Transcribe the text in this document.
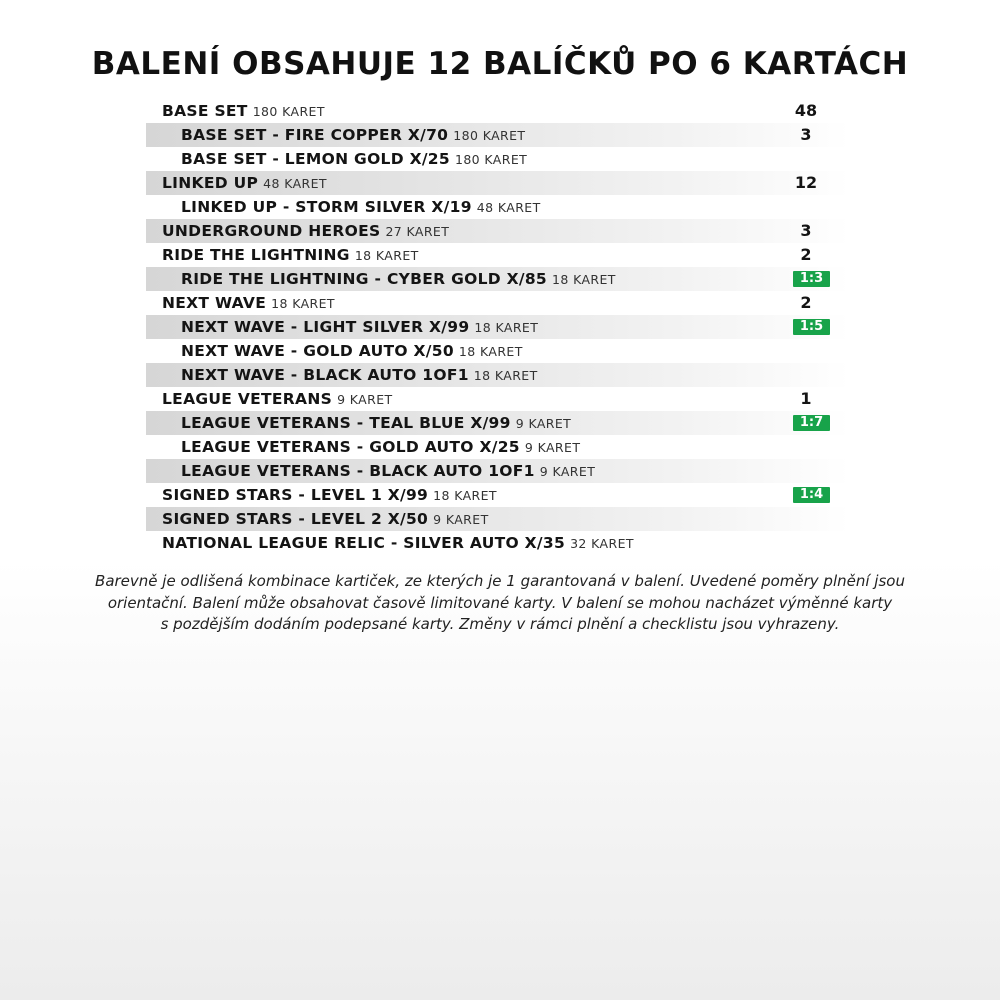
BALENÍ OBSAHUJE 12 BALÍČKŮ PO 6 KARTÁCH
BASE SET 180 KARET	48
BASE SET - FIRE COPPER X/70 180 KARET	3
BASE SET - LEMON GOLD X/25 180 KARET
LINKED UP 48 KARET	12
LINKED UP - STORM SILVER X/19 48 KARET
UNDERGROUND HEROES 27 KARET	3
RIDE THE LIGHTNING 18 KARET	2
RIDE THE LIGHTNING - CYBER GOLD X/85 18 KARET	1:3
NEXT WAVE 18 KARET	2
NEXT WAVE - LIGHT SILVER X/99 18 KARET	1:5
NEXT WAVE - GOLD AUTO X/50 18 KARET
NEXT WAVE - BLACK AUTO 1OF1 18 KARET
LEAGUE VETERANS 9 KARET	1
LEAGUE VETERANS - TEAL BLUE X/99 9 KARET	1:7
LEAGUE VETERANS - GOLD AUTO X/25 9 KARET
LEAGUE VETERANS - BLACK AUTO 1OF1 9 KARET
SIGNED STARS - LEVEL 1 X/99 18 KARET	1:4
SIGNED STARS - LEVEL 2 X/50 9 KARET
NATIONAL LEAGUE RELIC - SILVER AUTO X/35 32 KARET
Barevně je odlišená kombinace kartiček, ze kterých je 1 garantovaná v balení. Uvedené poměry plnění jsou
orientační. Balení může obsahovat časově limitované karty. V balení se mohou nacházet výměnné karty
s pozdějším dodáním podepsané karty. Změny v rámci plnění a checklistu jsou vyhrazeny.
